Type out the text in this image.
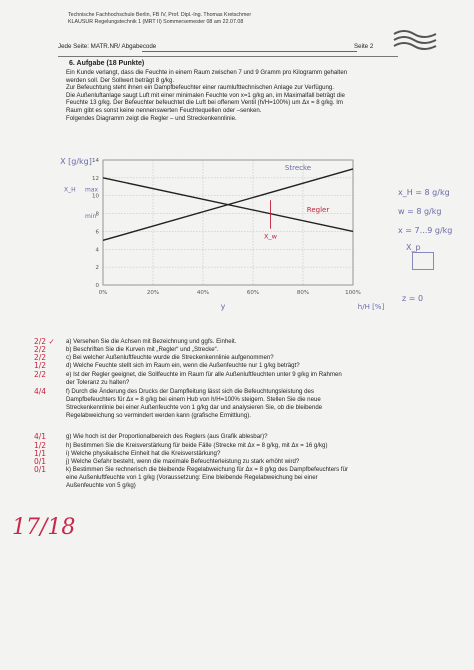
Technische Fachhochschule Berlin, FB IV, Prof. Dipl.-Ing. Thomas Kretschmer
KLAUSUR Regelungstechnik 1 (MRT II) Sommersemester 08 am 22.07.08
Jede Seite: MATR.NR/ Abgabecode	Seite 2
6. Aufgabe (18 Punkte)
Ein Kunde verlangt, dass die Feuchte in einem Raum zwischen 7 und 9 Gramm pro Kilogramm gehalten
werden soll. Der Sollwert beträgt 8 g/kg.
Zur Befeuchtung steht ihnen ein Dampfbefeuchter einer raumlufttechnischen Anlage zur Verfügung.
Die Außenluftanlage saugt Luft mit einer minimalen Feuchte von x=1 g/kg an, im Maximalfall beträgt die
Feuchte 13 g/kg. Der Befeuchter befeuchtet die Luft bei offenem Ventil (h/H=100%) um Δx = 8 g/kg. Im
Raum gibt es sonst keine nennenswerten Feuchtequellen oder –senken.
Folgendes Diagramm zeigt die Regler – und Streckenkennlinie.
0
2
4
6
8
10
12
14
0%	20%	40%	60%	80%	100%
Strecke
Regler
X_w
X [g/kg]
h/H [%]
y
X_H max
min
x_H = 8 g/kg
w = 8 g/kg
x = 7...9 g/kg
X_p
z = 0
a) Versehen Sie die Achsen mit Bezeichnung und ggfs. Einheit.
2/2 ✓
b) Beschriften Sie die Kurven mit „Regler“ und „Strecke“.
2/2
c) Bei welcher Außenluftfeuchte wurde die Streckenkennlinie aufgenommen?
2/2
d) Welche Feuchte stellt sich im Raum ein, wenn die Außenfeuchte nur 1 g/kg beträgt?
1/2
e) Ist der Regler geeignet, die Sollfeuchte im Raum für alle Außenluftfeuchten unter 9 g/kg im Rahmen
2/2
der Toleranz zu halten?
f) Durch die Änderung des Drucks der Dampfleitung lässt sich die Befeuchtungsleistung des
4/4
Dampfbefeuchters für Δx = 8 g/kg bei einem Hub von h/H=100% steigern. Stellen Sie die neue
Streckenkennlinie bei einer Außenfeuchte von 1 g/kg dar und analysieren Sie, ob die bleibende
Regelabweichung so vermindert werden kann (grafische Ermittlung).
g) Wie hoch ist der Proportionalbereich des Reglers (aus Grafik ablesbar)?
4/1
h) Bestimmen Sie die Kreisverstärkung für beide Fälle (Strecke mit Δx = 8 g/kg, mit Δx = 16 g/kg)
1/2
i) Welche physikalische Einheit hat die Kreisverstärkung?
1/1
j) Welche Gefahr besteht, wenn die maximale Befeuchterleistung zu stark erhöht wird?
0/1
k) Bestimmen Sie rechnerisch die bleibende Regelabweichung für Δx = 8 g/kg des Dampfbefeuchters für
0/1
eine Außenluftfeuchte von 1 g/kg (Voraussetzung: Eine bleibende Regelabweichung bei einer
Außenfeuchte von 5 g/kg)
17/18
